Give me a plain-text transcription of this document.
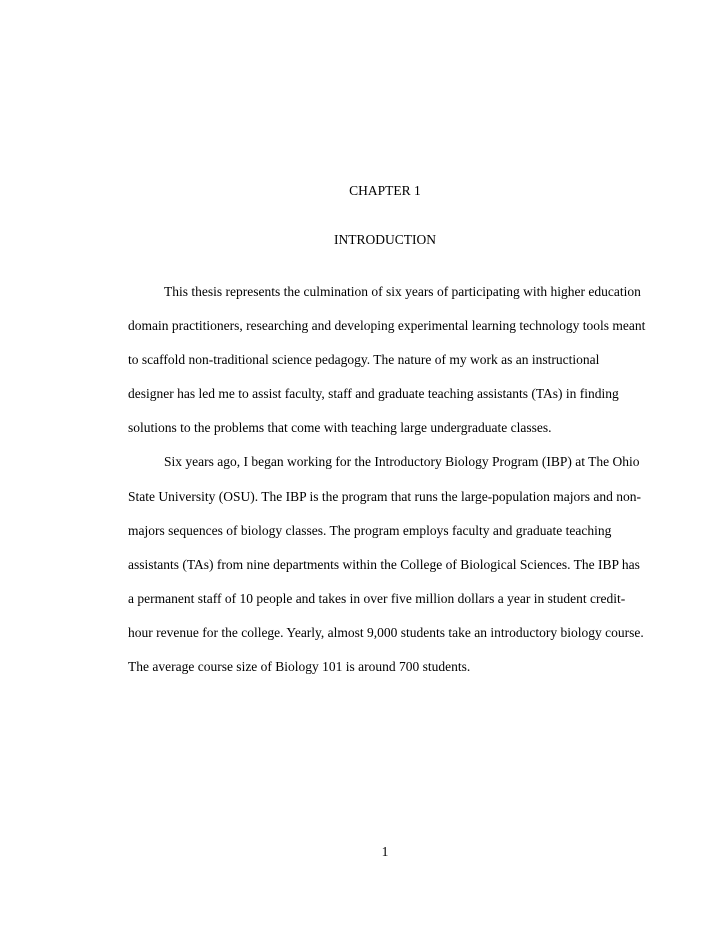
CHAPTER 1
INTRODUCTION

This thesis represents the culmination of six years of participating with higher education domain practitioners, researching and developing experimental learning technology tools meant to scaffold non-traditional science pedagogy. The nature of my work as an instructional designer has led me to assist faculty, staff and graduate teaching assistants (TAs) in finding solutions to the problems that come with teaching large undergraduate classes.

Six years ago, I began working for the Introductory Biology Program (IBP) at The Ohio State University (OSU). The IBP is the program that runs the large-population majors and non-majors sequences of biology classes. The program employs faculty and graduate teaching assistants (TAs) from nine departments within the College of Biological Sciences. The IBP has a permanent staff of 10 people and takes in over five million dollars a year in student credit-hour revenue for the college. Yearly, almost 9,000 students take an introductory biology course. The average course size of Biology 101 is around 700 students.

1
